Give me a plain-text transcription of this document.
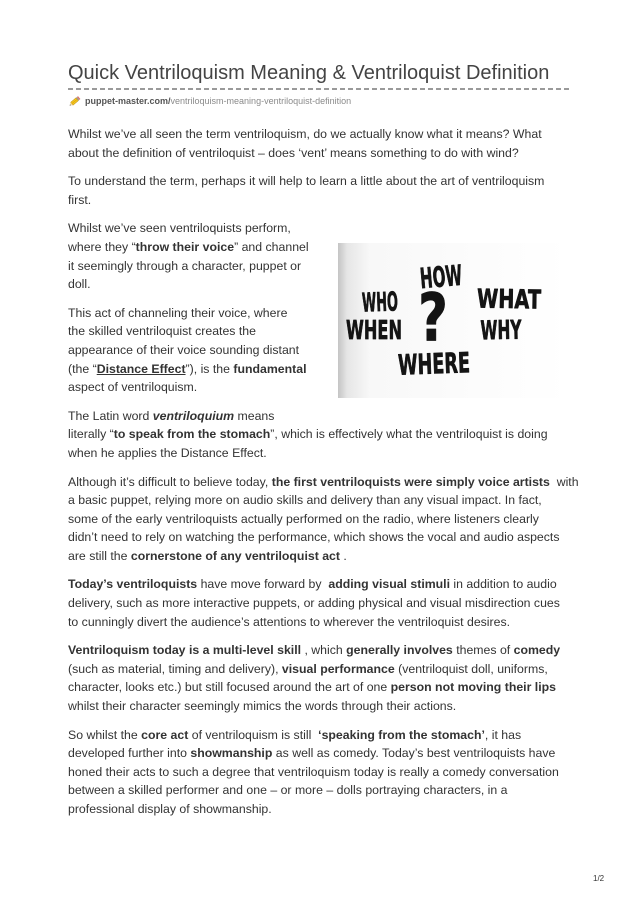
Quick Ventriloquism Meaning & Ventriloquist Definition
puppet-master.com/ ventriloquism-meaning-ventriloquist-definition
HOW
? WHAT
WHEN	WHY
WHERE
Whilst we’ve all seen the term ventriloquism, do we actually know what it means? What
about the definition of ventriloquist – does ‘vent’ means something to do with wind?
To understand the term, perhaps it will help to learn a little about the art of ventriloquism
first.
Whilst we’ve seen ventriloquists perform,
where they “throw their voice” and channel
it seemingly through a character, puppet or
doll.
This act of channeling their voice, where
the skilled ventriloquist creates the
appearance of their voice sounding distant
(the “Distance Effect”), is the fundamental
aspect of ventriloquism.
The Latin word ventriloquium means
literally “to speak from the stomach”, which is effectively what the ventriloquist is doing
when he applies the Distance Effect.
Although it’s difficult to believe today, the first ventriloquists were simply voice artists  with
a basic puppet, relying more on audio skills and delivery than any visual impact. In fact,
some of the early ventriloquists actually performed on the radio, where listeners clearly
didn’t need to rely on watching the performance, which shows the vocal and audio aspects
are still the cornerstone of any ventriloquist act .
Today’s ventriloquists have move forward by  adding visual stimuli in addition to audio
delivery, such as more interactive puppets, or adding physical and visual misdirection cues
to cunningly divert the audience’s attentions to wherever the ventriloquist desires.
Ventriloquism today is a multi-level skill , which generally involves themes of comedy
(such as material, timing and delivery), visual performance (ventriloquist doll, uniforms,
character, looks etc.) but still focused around the art of one person not moving their lips
whilst their character seemingly mimics the words through their actions.
So whilst the core act of ventriloquism is still  ‘speaking from the stomach’, it has
developed further into showmanship as well as comedy. Today’s best ventriloquists have
honed their acts to such a degree that ventriloquism today is really a comedy conversation
between a skilled performer and one – or more – dolls portraying characters, in a
professional display of showmanship.
1/2
